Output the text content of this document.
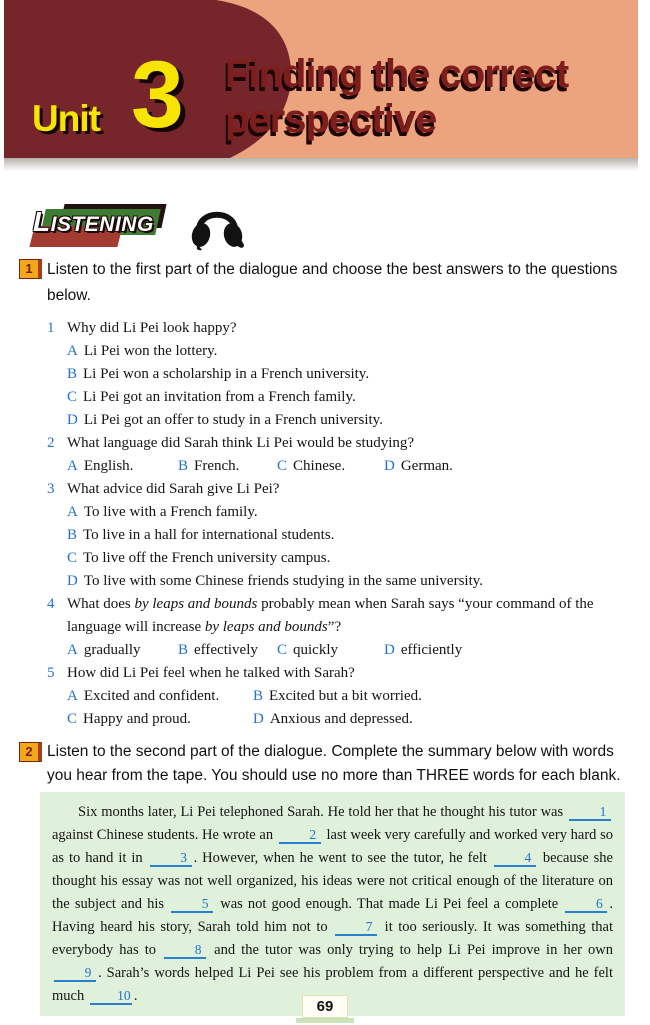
Unit 3 Finding the correct
perspective
LISTENING
1 Listen to the first part of the dialogue and choose the best answers to the questions below.

1 Why did Li Pei look happy?
A Li Pei won the lottery.
B Li Pei won a scholarship in a French university.
C Li Pei got an invitation from a French family.
D Li Pei got an offer to study in a French university.
2 What language did Sarah think Li Pei would be studying?
A English.	B French.	C Chinese.	D German.
3 What advice did Sarah give Li Pei?
A To live with a French family.
B To live in a hall for international students.
C To live off the French university campus.
D To live with some Chinese friends studying in the same university.
4 What does by leaps and bounds probably mean when Sarah says “your command of the language will increase by leaps and bounds”?
A gradually	B effectively C quickly	D efficiently
5 How did Li Pei feel when he talked with Sarah?
A Excited and confident.	B Excited but a bit worried.
C Happy and proud.	D Anxious and depressed.
2 Listen to the second part of the dialogue. Complete the summary below with words you hear from the tape. You should use no more than THREE words for each blank.

Six months later, Li Pei telephoned Sarah. He told her that he thought his tutor was 1 against Chinese students. He wrote an 2 last week very carefully and worked very hard so as to hand it in 3 . However, when he went to see the tutor, he felt 4 because she thought his essay was not well organized, his ideas were not critical enough of the literature on the subject and his 5 was not good enough. That made Li Pei feel a complete 6 . Having heard his story, Sarah told him not to 7 it too seriously. It was something that everybody has to 8 and the tutor was only trying to help Li Pei improve in her own 9 . Sarah’s words helped Li Pei see his problem from a different perspective and he felt much 10 .

69
